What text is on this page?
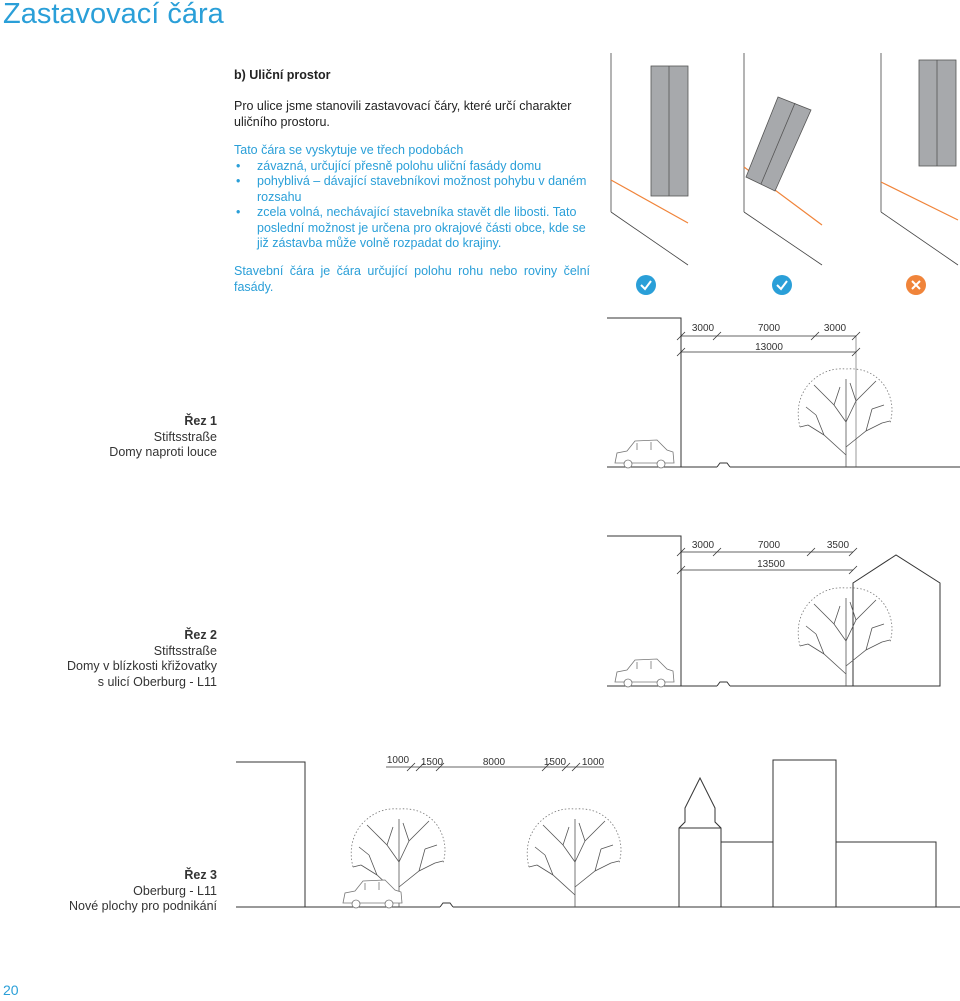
Zastavovací čára
b) Uliční prostor

Pro ulice jsme stanovili zastavovací čáry, které určí charakter uličního prostoru.

Tato čára se vyskytuje ve třech podobách
• závazná, určující přesně polohu uliční fasády domu
• pohyblivá – dávající stavebníkovi možnost pohybu v daném rozsahu
• zcela volná, nechávající stavebníka stavět dle libosti. Tato poslední možnost je určena pro okrajové části obce, kde se již zástavba může volně rozpadat do krajiny.

Stavební čára je čára určující polohu rohu nebo roviny čelní fasády.

Řez 1
Stiftsstraße
Domy naproti louce
Řez 2
Stiftsstraße
Domy v blízkosti křižovatky
s ulicí Oberburg - L11
Řez 3
Oberburg - L11
Nové plochy pro podnikání
20
3000	7000	3000
13000
3000	7000	3500
13500
1000 1500	8000	1500 1000
